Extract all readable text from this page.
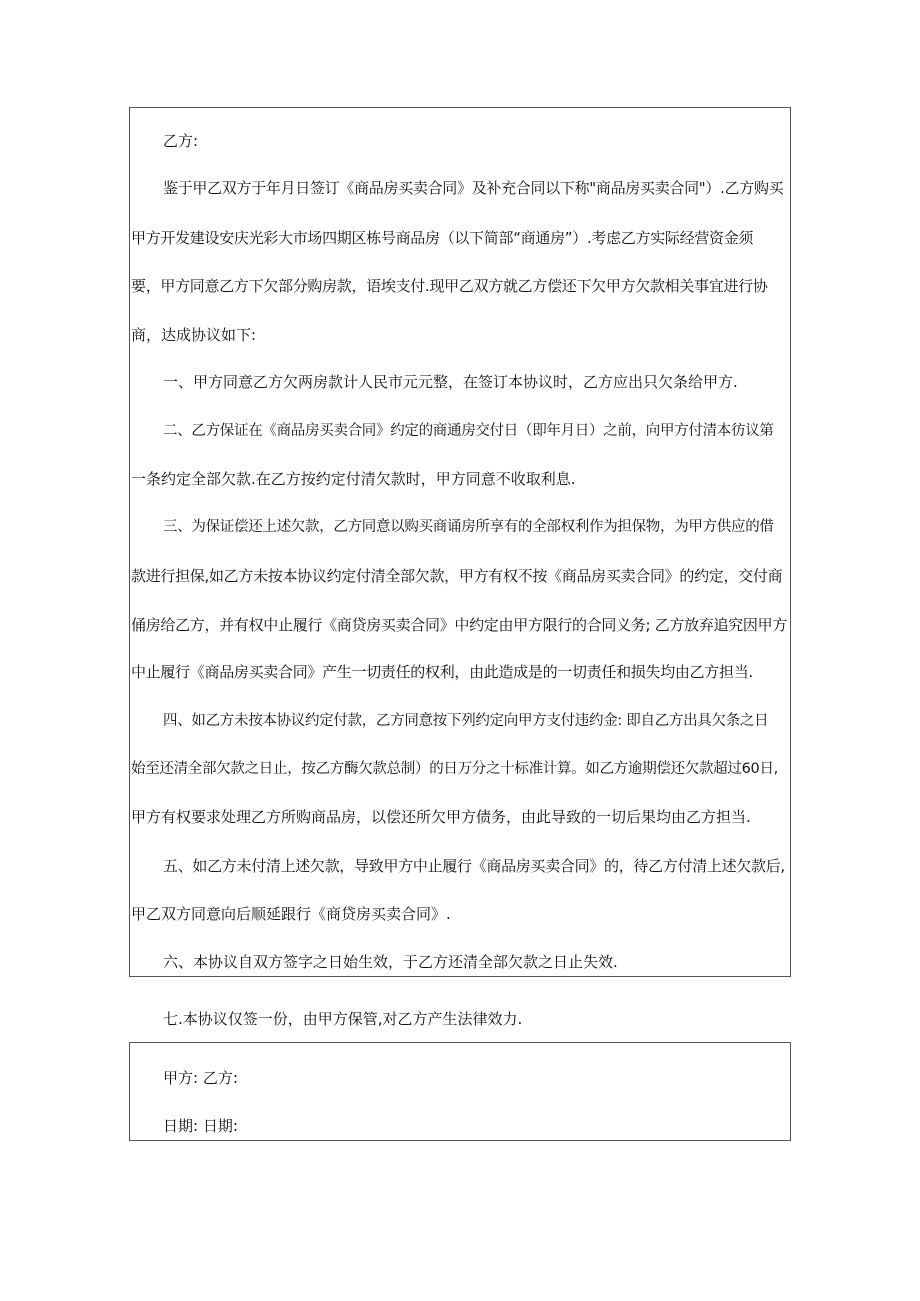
乙方:
鉴于甲乙双方于年月日签订《商品房买卖合同》及补充合同以下称"商品房买卖合同"）.乙方购买
甲方开发建设安庆光彩大市场四期区栋号商品房（以下简部“商通房”）.考虑乙方实际经营资金须
要，甲方同意乙方下欠部分购房款，语埃支付.现甲乙双方就乙方偿还下欠甲方欠款相关事宜进行协
商，达成协议如下:
一、甲方同意乙方欠两房款计人民市元元整，在签订本协议时，乙方应出只欠条给甲方.
二、乙方保证在《商品房买卖合同》约定的商通房交付日（即年月日）之前，向甲方付清本彷议第
一条约定全部欠款.在乙方按约定付清欠款时，甲方同意不收取利息.
三、为保证偿还上述欠款，乙方同意以购买商诵房所享有的全部权利作为担保物，为甲方供应的借
款进行担保,如乙方未按本协议约定付清全部欠款，甲方有权不按《商品房买卖合同》的约定，交付商
俑房给乙方，并有权中止履行《商贷房买卖合同》中约定由甲方限行的合同义务; 乙方放弃追究因甲方
中止履行《商品房买卖合同》产生一切责任的权利，由此造成是的一切责任和损失均由乙方担当.
四、如乙方未按本协议约定付款，乙方同意按下列约定向甲方支付违约金: 即自乙方出具欠条之日
始至还清全部欠款之日止，按乙方酶欠款总制）的日万分之十标准计算。如乙方逾期偿还欠款超过60日,
甲方有权要求处理乙方所购商品房，以偿还所欠甲方债务，由此导致的一切后果均由乙方担当.
五、如乙方未付清上述欠款，导致甲方中止履行《商品房买卖合同》的，待乙方付清上述欠款后,
甲乙双方同意向后顺延跟行《商贷房买卖合同》.
六、本协议自双方签字之日始生效，于乙方还清全部欠款之日止失效.
七.本协议仅签一份，由甲方保管,对乙方产生法律效力.
甲方: 乙方:
日期: 日期:
